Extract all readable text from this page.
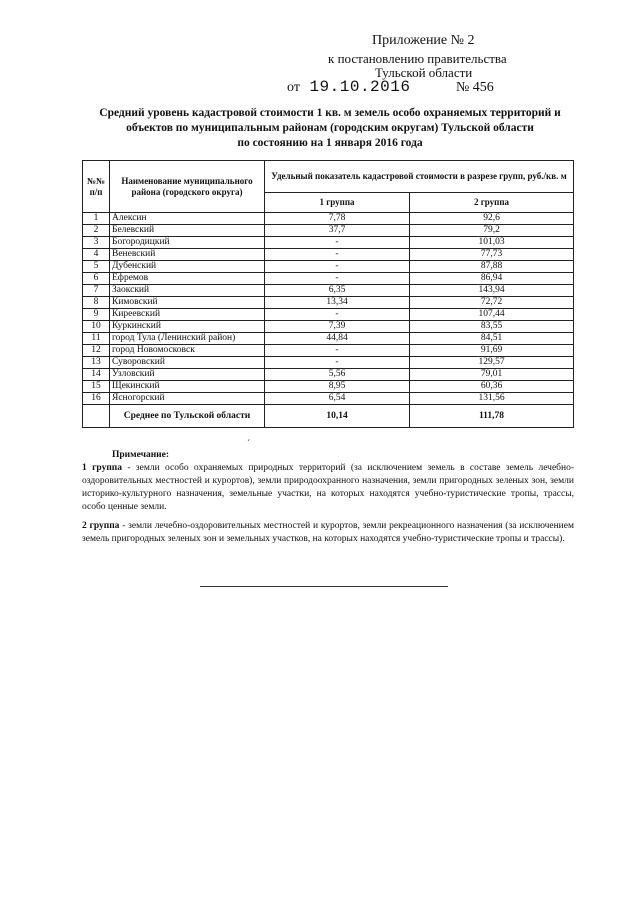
Приложение № 2
к постановлению правительства
Тульской области
от 19.10.2016	№ 456
Средний уровень кадастровой стоимости 1 кв. м земель особо охраняемых территорий и
объектов по муниципальным районам (городским округам) Тульской области
по состоянию на 1 января 2016 года
№№ п/п	Наименование муниципального района (городского округа)	Удельный показатель кадастровой стоимости в разрезе групп, руб./кв. м	
		1 группа	2 группа
1	Алексин	7,78	92,6
2	Белевский	37,7	79,2
3	Богородицкий	-	101,03
4	Веневский	-	77,73
5	Дубенский	-	87,88
6	Ефремов	-	86,94
7	Заокский	6,35	143,94
8	Кимовский	13,34	72,72
9	Киреевский	-	107,44
10	Куркинский	7,39	83,55
11	город Тула (Ленинский район)	44,84	84,51
12	город Новомосковск	-	91,69
13	Суворовский	-	129,57
14	Узловский	5,56	79,01
15	Щекинский	8,95	60,36
16	Ясногорский	6,54	131,56
	Среднее по Тульской области	10,14	111,78
´

Примечание:

1 группа - земли особо охраняемых природных территорий (за исключением земель в составе земель лечебно-оздоровительных местностей и курортов), земли природоохранного назначения, земли пригородных зеленых зон, земли историко-культурного назначения, земельные участки, на которых находятся учебно-туристические тропы, трассы, особо ценные земли.

2 группа - земли лечебно-оздоровительных местностей и курортов, земли рекреационного назначения (за исключением земель пригородных зеленых зон и земельных участков, на которых находятся учебно-туристические тропы и трассы).
